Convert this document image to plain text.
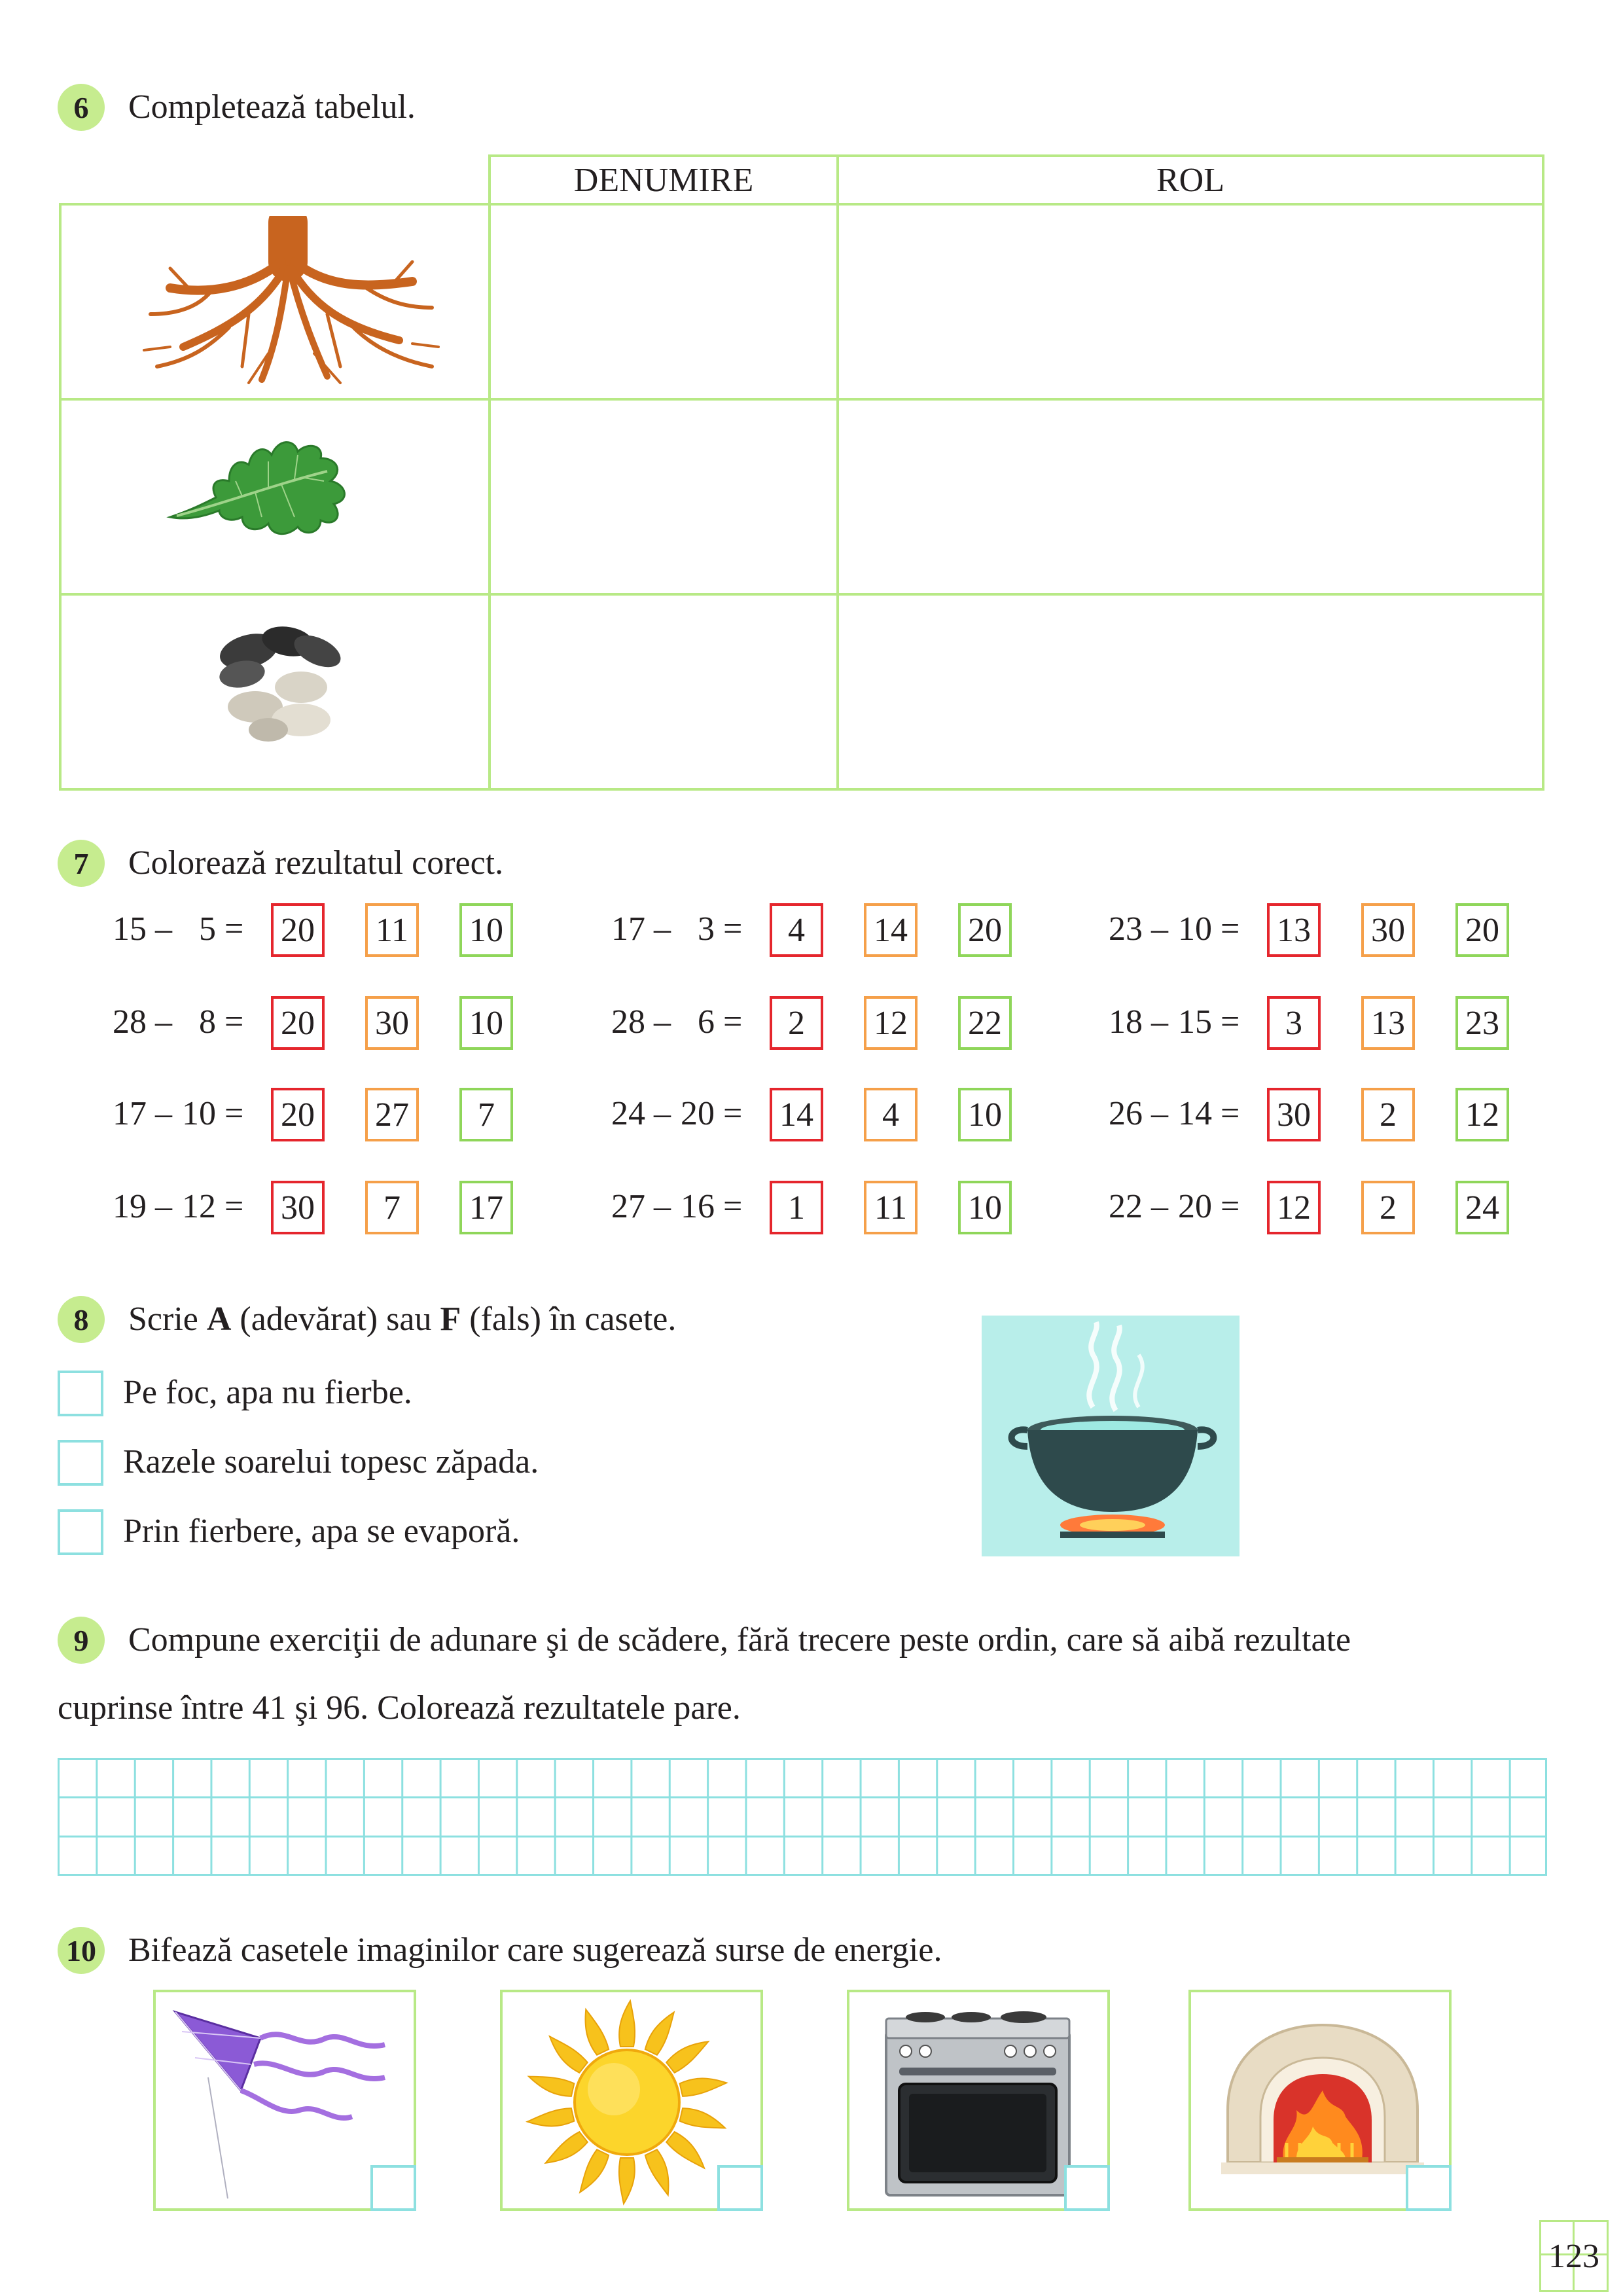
6	Completează tabelul.
DENUMIRE	ROL
7	Colorează rezultatul corect.
15 – 5 = 20	11	10
28 – 8 = 20 30 10
17 – 10 = 20 27	7
19 – 12 = 30	7	17
17 – 3 =	4	14 20
28 – 6 =	2	12 22
24 – 20 = 14	4	10
27 – 16 =	1	11	10
23 – 10 = 13 30 20
18 – 15 =	3	13 23
26 – 14 = 30	2	12
22 – 20 = 12	2	24
8	Scrie A (adevărat) sau F (fals) în casete.
Pe foc, apa nu fierbe.
Razele soarelui topesc zăpada.
Prin fierbere, apa se evaporă.
9	Compune exerciţii de adunare şi de scădere, fără trecere peste ordin, care să aibă rezultate
cuprinse între 41 şi 96. Colorează rezultatele pare.
10 Bifează casetele imaginilor care sugerează surse de energie.
123
